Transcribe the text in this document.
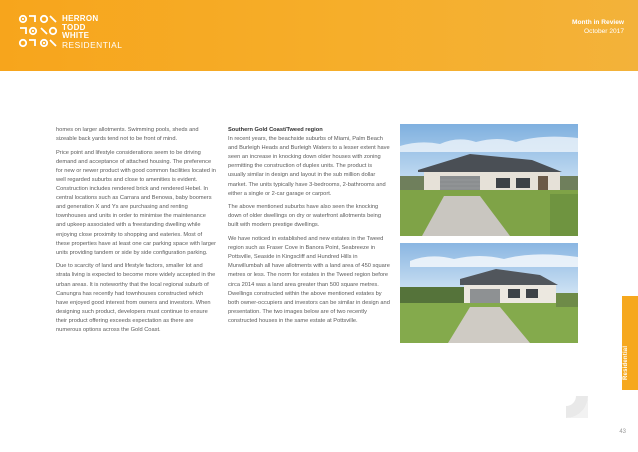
HERRON
TODD
WHITE
RESIDENTIAL
Month in Review
October 2017

homes on larger allotments. Swimming pools, sheds and sizeable back yards tend not to be front of mind.

Price point and lifestyle considerations seem to be driving demand and acceptance of attached housing. The preference for new or newer product with good common facilities located in well regarded suburbs and close to amenities is evident. Construction includes rendered brick and rendered Hebel. In central locations such as Carrara and Benowa, baby boomers and generation X and Ys are purchasing and renting townhouses and units in order to minimise the maintenance and upkeep associated with a freestanding dwelling while enjoying close proximity to shopping and eateries. Most of these properties have at least one car parking space with larger units providing tandem or side by side configuration parking.

Due to scarcity of land and lifestyle factors, smaller lot and strata living is expected to become more widely accepted in the urban areas. It is noteworthy that the local regional suburb of Canungra has recently had townhouses constructed which have enjoyed good interest from owners and investors. When designing such product, developers must continue to ensure their product offering exceeds expectation as there are numerous options across the Gold Coast.

Southern Gold Coast/Tweed region
In recent years, the beachside suburbs of Miami, Palm Beach and Burleigh Heads and Burleigh Waters to a lesser extent have seen an increase in knocking down older houses with zoning permitting the construction of duplex units. The product is usually similar in design and layout in the sub million dollar market. The units typically have 3-bedrooms, 2-bathrooms and either a single or 2-car garage or carport.

The above mentioned suburbs have also seen the knocking down of older dwellings on dry or waterfront allotments being built with modern prestige dwellings.

We have noticed in established and new estates in the Tweed region such as Fraser Cove in Banora Point, Seabreeze in Pottsville, Seaside in Kingscliff and Hundred Hills in Murwillumbah all have allotments with a land area of 450 square metres or less. The norm for estates in the Tweed region before circa 2014 was a land area greater than 500 square metres. Dwellings constructed within the above mentioned estates by both owner-occupiers and investors can be similar in design and presentation. The two images below are of two recently constructed houses in the same estate at Pottsville.

Residential
43
